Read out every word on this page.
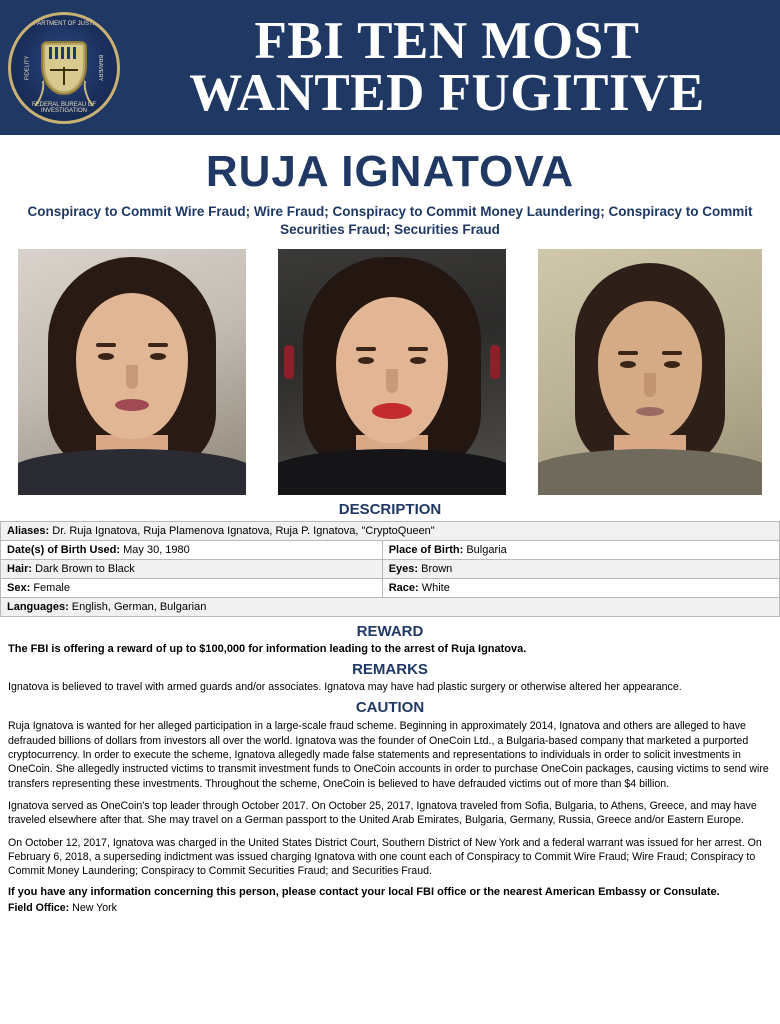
DEPARTMENT OF JUSTICE
FIDELITY	BRAVERY
FEDERAL BUREAU OF INVESTIGATION
FBI TEN MOST
WANTED FUGITIVE
RUJA IGNATOVA
Conspiracy to Commit Wire Fraud; Wire Fraud; Conspiracy to Commit Money Laundering; Conspiracy to Commit Securities Fraud; Securities Fraud
DESCRIPTION
Aliases: Dr. Ruja Ignatova, Ruja Plamenova Ignatova, Ruja P. Ignatova, "CryptoQueen"	
Date(s) of Birth Used: May 30, 1980	Place of Birth: Bulgaria
Hair: Dark Brown to Black	Eyes: Brown
Sex: Female	Race: White
Languages: English, German, Bulgarian	
REWARD
The FBI is offering a reward of up to $100,000 for information leading to the arrest of Ruja Ignatova.
REMARKS
Ignatova is believed to travel with armed guards and/or associates. Ignatova may have had plastic surgery or otherwise altered her appearance.
CAUTION

Ruja Ignatova is wanted for her alleged participation in a large-scale fraud scheme. Beginning in approximately 2014, Ignatova and others are alleged to have defrauded billions of dollars from investors all over the world. Ignatova was the founder of OneCoin Ltd., a Bulgaria-based company that marketed a purported cryptocurrency. In order to execute the scheme, Ignatova allegedly made false statements and representations to individuals in order to solicit investments in OneCoin. She allegedly instructed victims to transmit investment funds to OneCoin accounts in order to purchase OneCoin packages, causing victims to send wire transfers representing these investments. Throughout the scheme, OneCoin is believed to have defrauded victims out of more than $4 billion.

Ignatova served as OneCoin's top leader through October 2017. On October 25, 2017, Ignatova traveled from Sofia, Bulgaria, to Athens, Greece, and may have traveled elsewhere after that. She may travel on a German passport to the United Arab Emirates, Bulgaria, Germany, Russia, Greece and/or Eastern Europe.

On October 12, 2017, Ignatova was charged in the United States District Court, Southern District of New York and a federal warrant was issued for her arrest. On February 6, 2018, a superseding indictment was issued charging Ignatova with one count each of Conspiracy to Commit Wire Fraud; Wire Fraud; Conspiracy to Commit Money Laundering; Conspiracy to Commit Securities Fraud; and Securities Fraud.

If you have any information concerning this person, please contact your local FBI office or the nearest American Embassy or Consulate.
Field Office: New York
